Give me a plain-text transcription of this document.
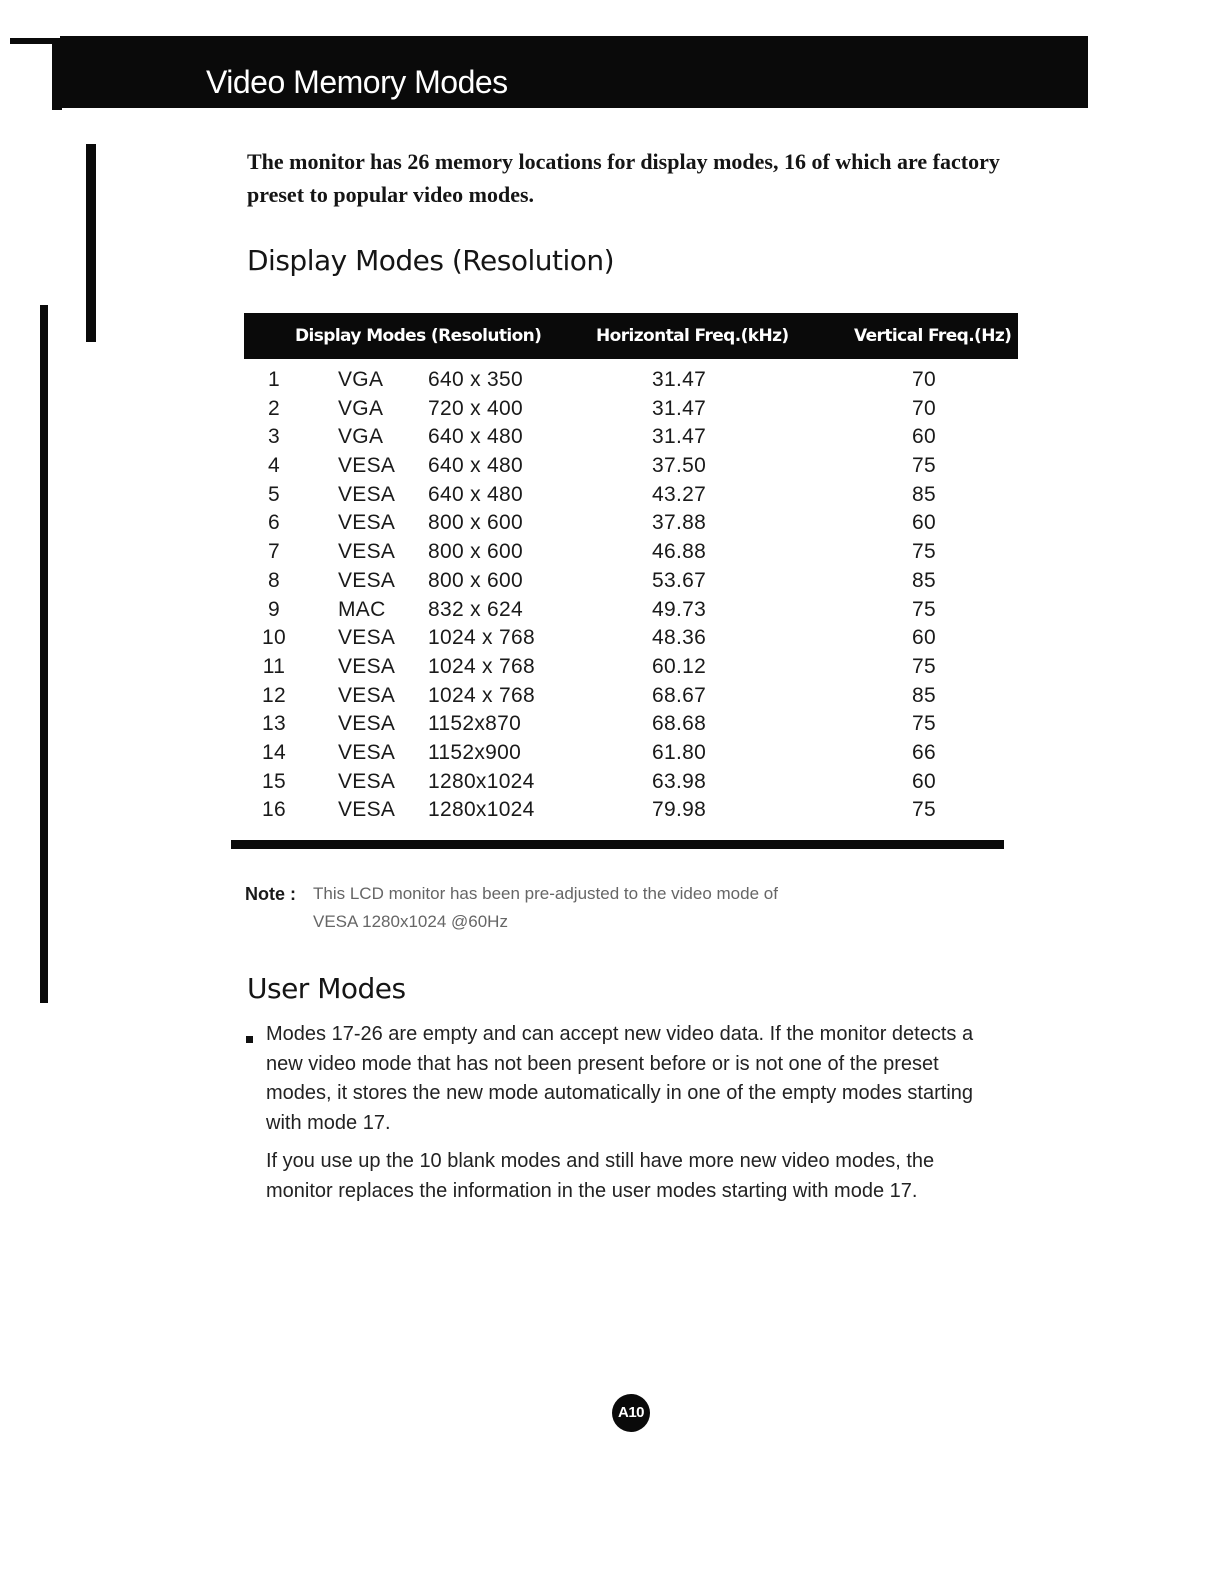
Video Memory Modes
The monitor has 26 memory locations for display modes, 16 of which are factory preset to popular video modes.
Display Modes (Resolution)
Display Modes (Resolution)	Horizontal Freq.(kHz)	Vertical Freq.(Hz)
1	VGA 640 x 350	31.47	70
2	VGA 720 x 400	31.47	70
3	VGA 640 x 480	31.47	60
4	VESA 640 x 480	37.50	75
5	VESA 640 x 480	43.27	85
6	VESA 800 x 600	37.88	60
7	VESA 800 x 600	46.88	75
8	VESA 800 x 600	53.67	85
9	MAC 832 x 624	49.73	75
10	VESA 1024 x 768	48.36	60
11	VESA 1024 x 768	60.12	75
12	VESA 1024 x 768	68.67	85
13	VESA 1152x870	68.68	75
14	VESA 1152x900	61.80	66
15	VESA 1280x1024	63.98	60
16	VESA 1280x1024	79.98	75
Note : This LCD monitor has been pre-adjusted to the video mode of
VESA 1280x1024 @60Hz
User Modes
Modes 17-26 are empty and can accept new video data. If the monitor detects a new video mode that has not been present before or is not one of the preset modes, it stores the new mode automatically in one of the empty modes starting with mode 17.
If you use up the 10 blank modes and still have more new video modes, the monitor replaces the information in the user modes starting with mode 17.
A10
